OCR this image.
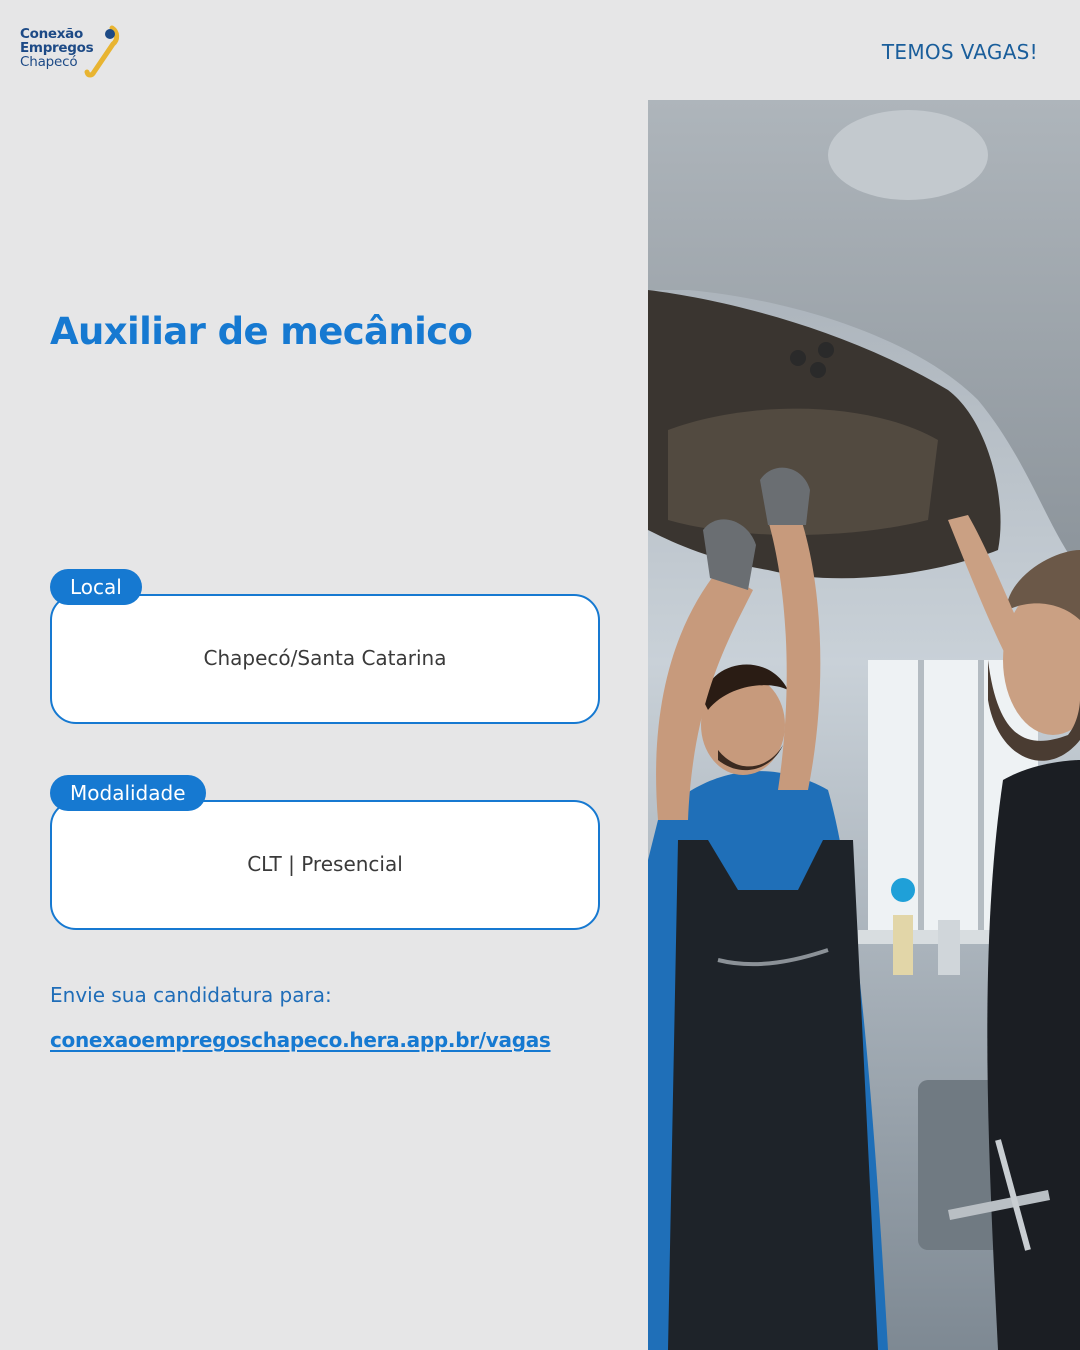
Conexão
Empregos
Chapecó	TEMOS VAGAS!
Auxiliar de mecânico
Chapecó/Santa Catarina
Local
CLT | Presencial
Modalidade
Envie sua candidatura para:
conexaoempregoschapeco.hera.app.br/vagas
